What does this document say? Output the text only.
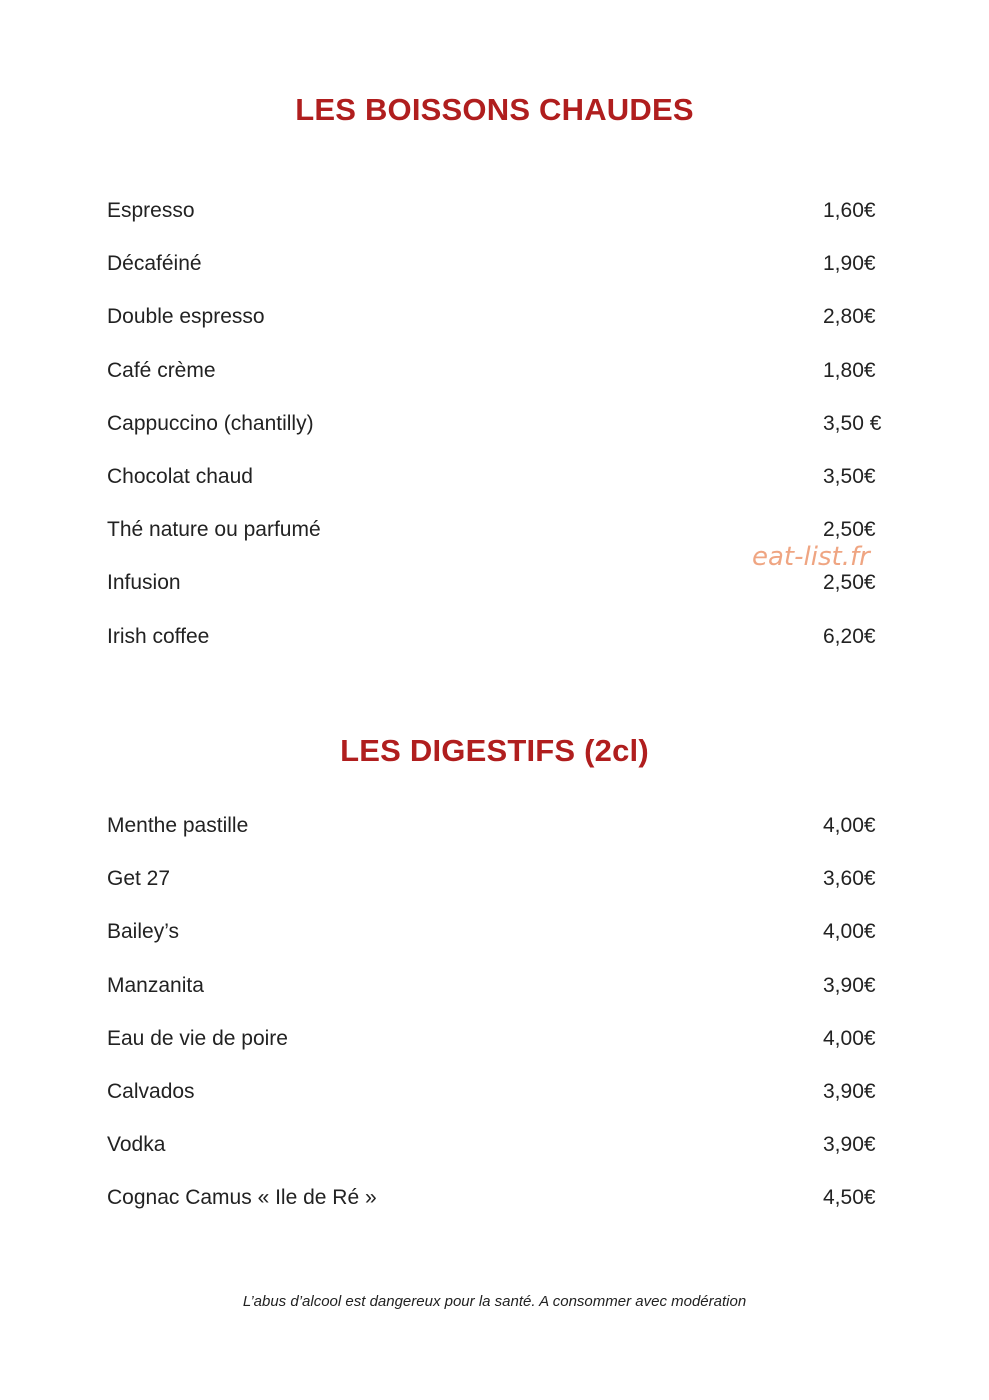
LES BOISSONS CHAUDES
Espresso	1,60€
Décaféiné	1,90€
Double espresso	2,80€
Café crème	1,80€
Cappuccino (chantilly)	3,50 €
Chocolat chaud	3,50€
Thé nature ou parfumé	2,50€
Infusion	2,50€
Irish coffee	6,20€
eat-list.fr
LES DIGESTIFS (2cl)
Menthe pastille	4,00€
Get 27	3,60€
Bailey’s	4,00€
Manzanita	3,90€
Eau de vie de poire	4,00€
Calvados	3,90€
Vodka	3,90€
Cognac Camus « Ile de Ré »	4,50€
L’abus d’alcool est dangereux pour la santé. A consommer avec modération
